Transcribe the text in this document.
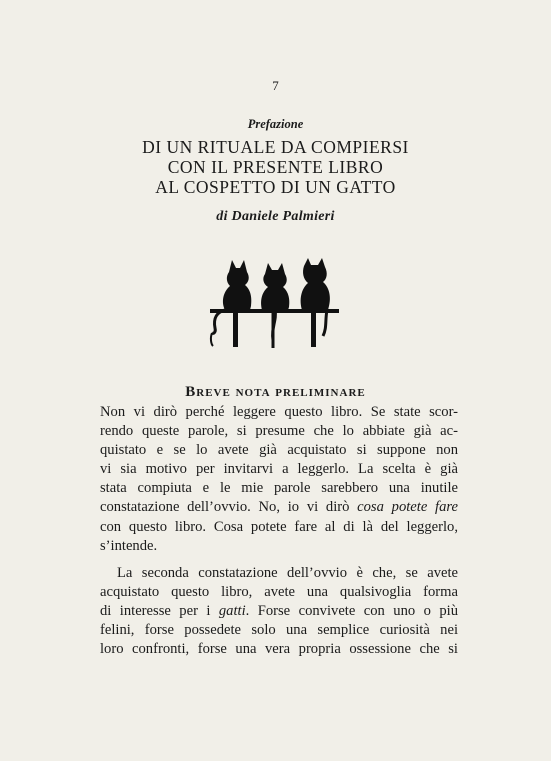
7
Prefazione
DI UN RITUALE DA COMPIERSI
CON IL PRESENTE LIBRO
AL COSPETTO DI UN GATTO
di Daniele Palmieri
Breve nota preliminare
Non vi dirò perché leggere questo libro. Se state scor-
rendo queste parole, si presume che lo abbiate già ac-
quistato e se lo avete già acquistato si suppone non
vi sia motivo per invitarvi a leggerlo. La scelta è già
stata compiuta e le mie parole sarebbero una inutile
constatazione dell’ovvio. No, io vi dirò cosa potete fare
con questo libro. Cosa potete fare al di là del leggerlo,
s’intende.
La seconda constatazione dell’ovvio è che, se avete
acquistato questo libro, avete una qualsivoglia forma
di interesse per i gatti. Forse convivete con uno o più
felini, forse possedete solo una semplice curiosità nei
loro confronti, forse una vera propria ossessione che si
